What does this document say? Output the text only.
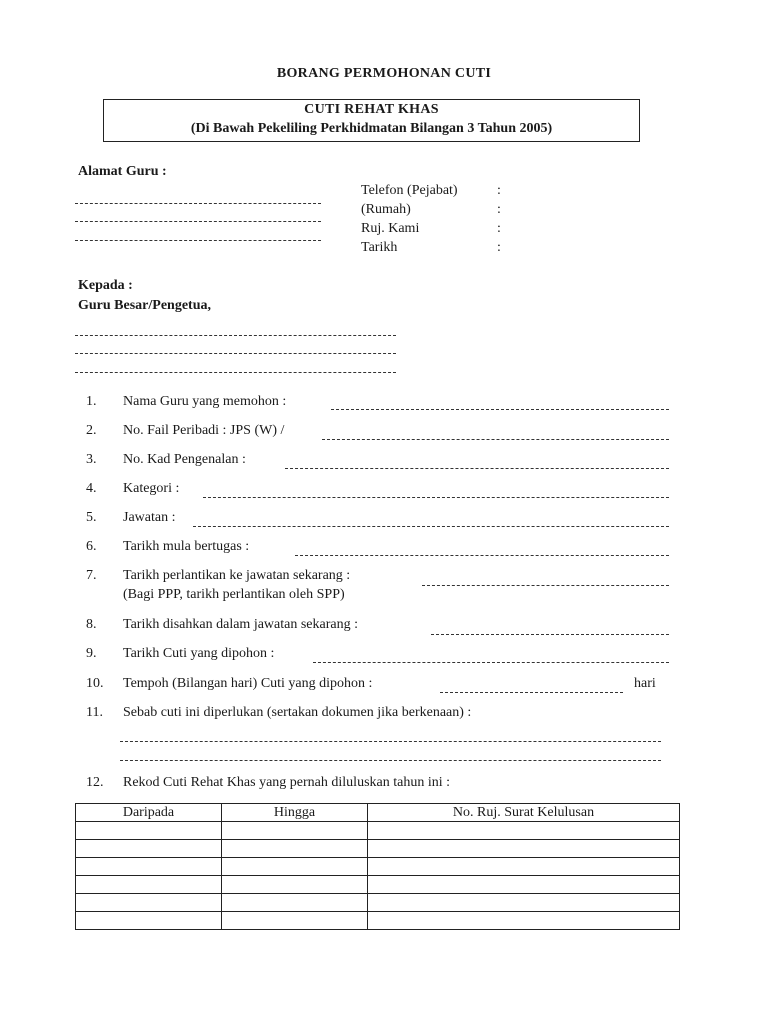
BORANG PERMOHONAN CUTI
CUTI REHAT KHAS
(Di Bawah Pekeliling Perkhidmatan Bilangan 3 Tahun 2005)
Alamat Guru :
Telefon (Pejabat)	:
(Rumah)	:
Ruj. Kami	:
Tarikh	:
Kepada :
Guru Besar/Pengetua,
1.	Nama Guru yang memohon :
2.	No. Fail Peribadi : JPS (W) /
3.	No. Kad Pengenalan :
4.	Kategori :
5.	Jawatan :
6.	Tarikh mula bertugas :
7.	Tarikh perlantikan ke jawatan sekarang :
(Bagi PPP, tarikh perlantikan oleh SPP)
8.	Tarikh disahkan dalam jawatan sekarang :
9.	Tarikh Cuti yang dipohon :
10.	Tempoh (Bilangan hari) Cuti yang dipohon :	hari
11.	Sebab cuti ini diperlukan (sertakan dokumen jika berkenaan) :
12.	Rekod Cuti Rehat Khas yang pernah diluluskan tahun ini :
Daripada	Hingga	No. Ruj. Surat Kelulusan
